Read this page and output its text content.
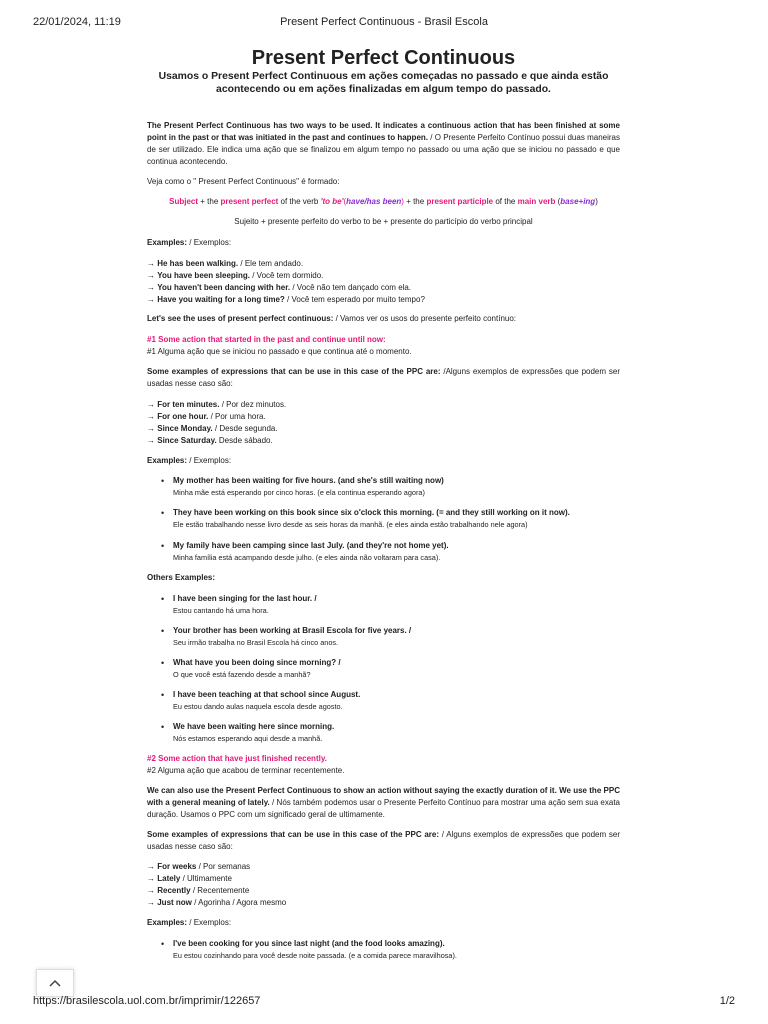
22/01/2024, 11:19	Present Perfect Continuous - Brasil Escola
Present Perfect Continuous
Usamos o Present Perfect Continuous em ações começadas no passado e que ainda estão
acontecendo ou em ações finalizadas em algum tempo do passado.
The Present Perfect Continuous has two ways to be used. It indicates a continuous action that has been finished at some point in the past or that was initiated in the past and continues to happen. / O Presente Perfeito Contínuo possui duas maneiras de ser utilizado. Ele indica uma ação que se finalizou em algum tempo no passado ou uma ação que se iniciou no passado e que continua acontecendo.
Veja como o " Present Perfect Continuous" é formado:
Subject + the present perfect of the verb 'to be'(have/has been) + the present participle of the main verb (base+ing)
Sujeito + presente perfeito do verbo to be + presente do particípio do verbo principal
Examples: / Exemplos:
→ He has been walking. / Ele tem andado.
→ You have been sleeping. / Você tem dormido.
→ You haven't been dancing with her. / Você não tem dançado com ela.
→ Have you waiting for a long time? / Você tem esperado por muito tempo?
Let's see the uses of present perfect continuous: / Vamos ver os usos do presente perfeito contínuo:
#1 Some action that started in the past and continue until now:
#1 Alguma ação que se iniciou no passado e que continua até o momento.
Some examples of expressions that can be use in this case of the PPC are: /Alguns exemplos de expressões que podem ser usadas nesse caso são:
→ For ten minutes. / Por dez minutos.
→ For one hour. / Por uma hora.
→ Since Monday. / Desde segunda.
→ Since Saturday. Desde sábado.
Examples: / Exemplos:
• My mother has been waiting for five hours. (and she's still waiting now)
Minha mãe está esperando por cinco horas. (e ela continua esperando agora)
• They have been working on this book since six o'clock this morning. (= and they still working on it now).
Ele estão trabalhando nesse livro desde as seis horas da manhã. (e eles ainda estão trabalhando nele agora)
• My family have been camping since last July. (and they're not home yet).
Minha família está acampando desde julho. (e eles ainda não voltaram para casa).
Others Examples:
• I have been singing for the last hour. /
Estou cantando há uma hora.
• Your brother has been working at Brasil Escola for five years. /
Seu irmão trabalha no Brasil Escola há cinco anos.
• What have you been doing since morning? /
O que você está fazendo desde a manhã?
• I have been teaching at that school since August.
Eu estou dando aulas naquela escola desde agosto.
• We have been waiting here since morning.
Nós estamos esperando aqui desde a manhã.
#2 Some action that have just finished recently.
#2 Alguma ação que acabou de terminar recentemente.
We can also use the Present Perfect Continuous to show an action without saying the exactly duration of it. We use the PPC with a general meaning of lately. / Nós também podemos usar o Presente Perfeito Contínuo para mostrar uma ação sem sua exata duração. Usamos o PPC com um significado geral de ultimamente.
Some examples of expressions that can be use in this case of the PPC are: / Alguns exemplos de expressões que podem ser usadas nesse caso são:
→ For weeks / Por semanas
→ Lately / Ultimamente
→ Recently / Recentemente
→ Just now / Agorinha / Agora mesmo
Examples: / Exemplos:
• I've been cooking for you since last night (and the food looks amazing).
Eu estou cozinhando para você desde noite passada. (e a comida parece maravilhosa).
https://brasilescola.uol.com.br/imprimir/122657	1/2
